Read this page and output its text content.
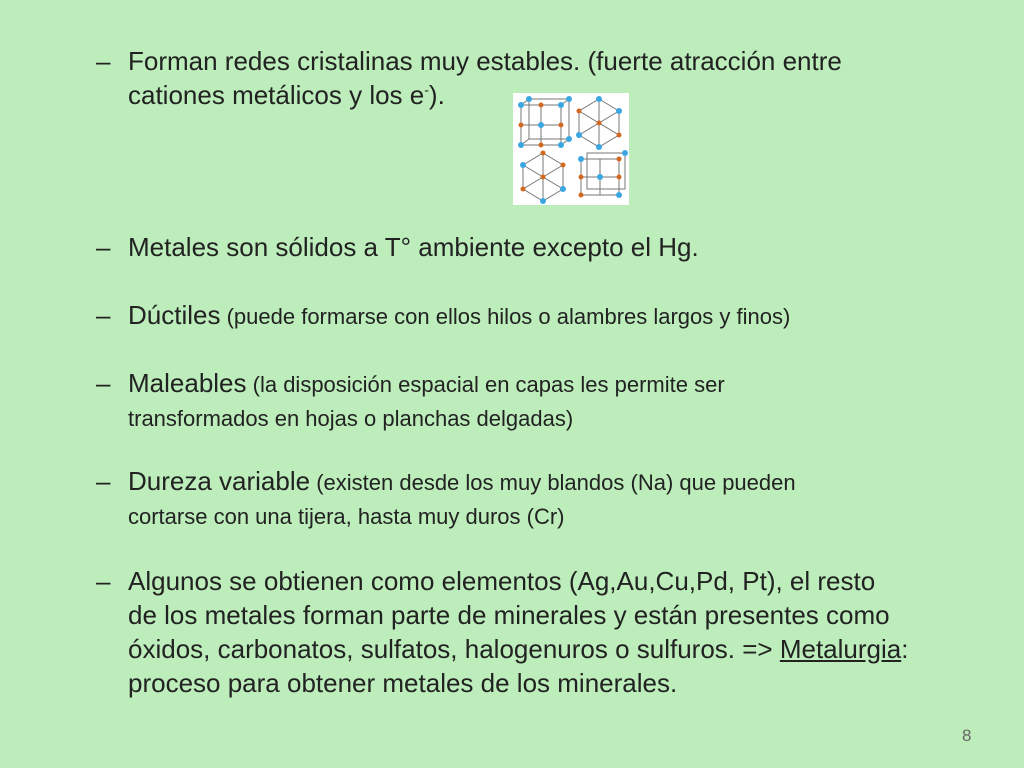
– Forman redes cristalinas muy estables. (fuerte atracción entre
cationes metálicos y los e-).
– Metales son sólidos a T° ambiente excepto el Hg.
– Dúctiles (puede formarse con ellos hilos o alambres largos y finos)
– Maleables (la disposición espacial en capas les permite ser
transformados en hojas o planchas delgadas)
– Dureza variable (existen desde los muy blandos (Na) que pueden
cortarse con una tijera, hasta muy duros (Cr)
– Algunos se obtienen como elementos (Ag,Au,Cu,Pd, Pt), el resto
de los metales forman parte de minerales y están presentes como
óxidos, carbonatos, sulfatos, halogenuros o sulfuros. => Metalurgia:
proceso para obtener metales de los minerales.
8
